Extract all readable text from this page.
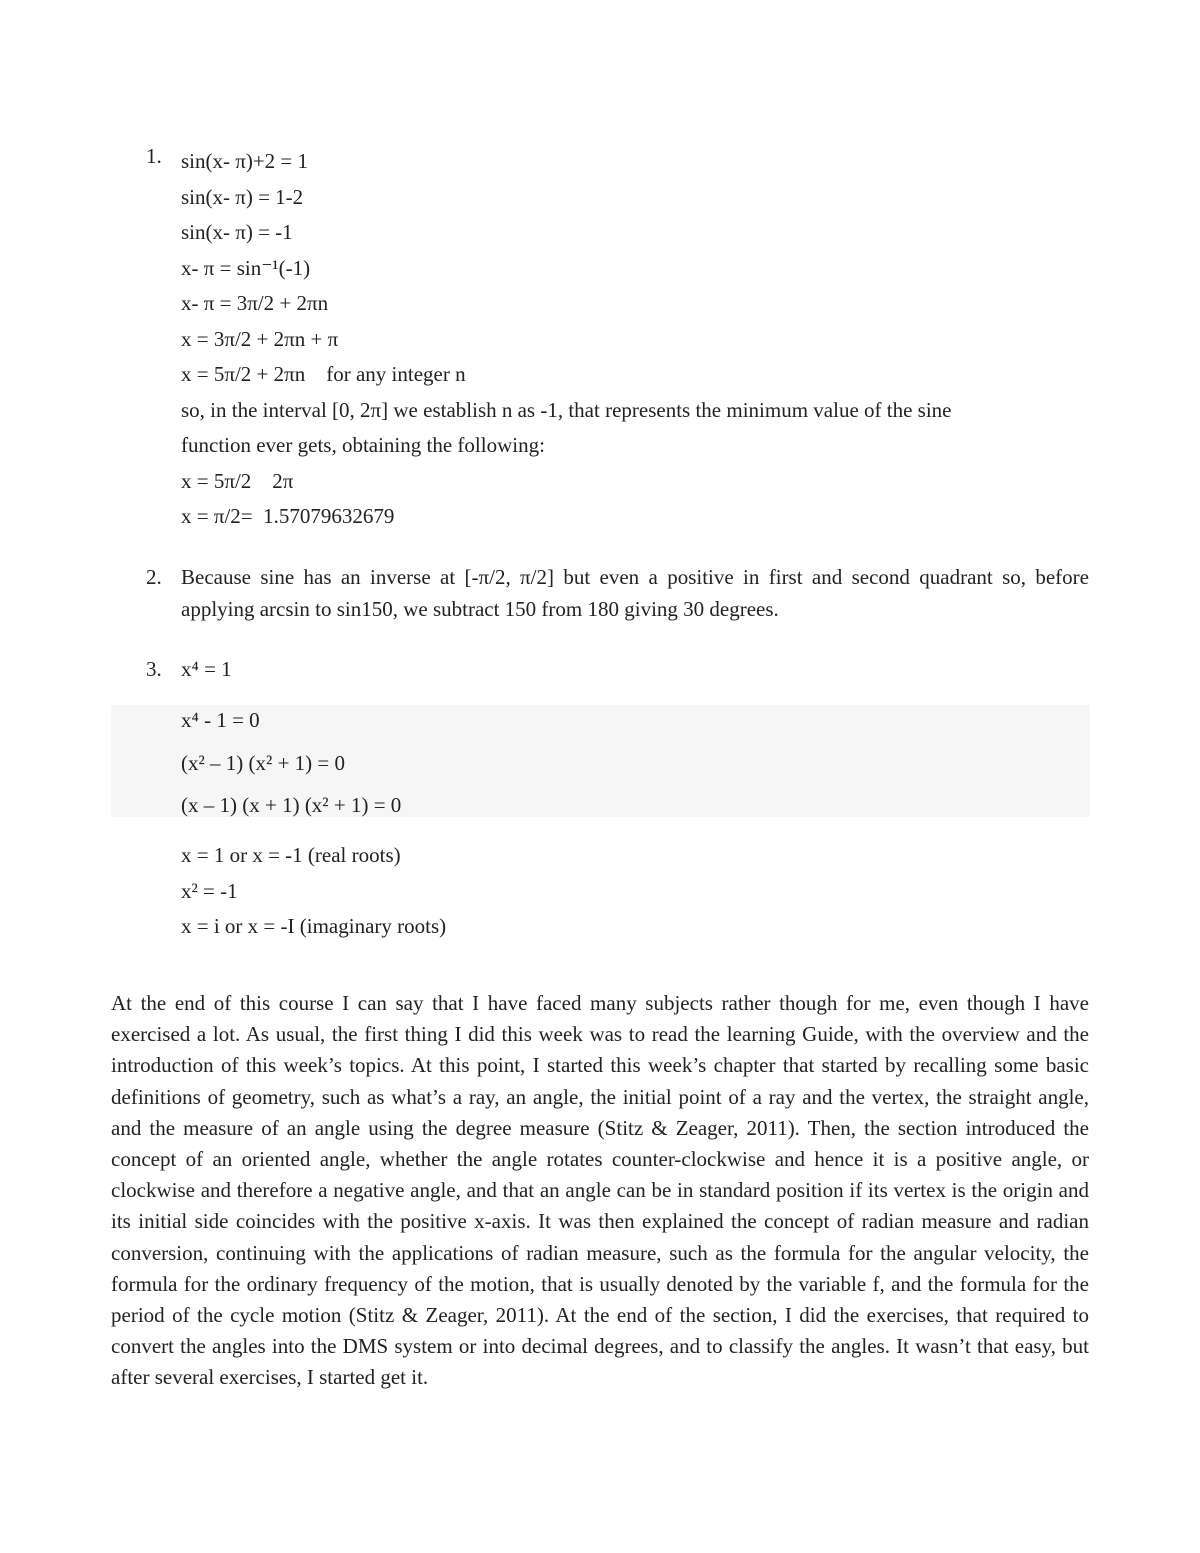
1. sin(x- π)+2 = 1
sin(x- π) = 1-2
sin(x- π) = -1
x- π = sin⁻¹(-1)
x- π = 3π/2 + 2πn
x = 3π/2 + 2πn + π
x = 5π/2 + 2πn    for any integer n
so, in the interval [0, 2π] we establish n as -1, that represents the minimum value of the sine
function ever gets, obtaining the following:
x = 5π/2    2π
x = π/2=  1.57079632679
2. Because sine has an inverse at [-π/2, π/2] but even a positive in first and second quadrant so, before applying arcsin to sin150, we subtract 150 from 180 giving 30 degrees.
3. x⁴ = 1
x⁴ - 1 = 0
(x² – 1) (x² + 1) = 0
(x – 1) (x + 1) (x² + 1) = 0
x = 1 or x = -1 (real roots)
x² = -1
x = i or x = -I (imaginary roots)

At the end of this course I can say that I have faced many subjects rather though for me, even though I have exercised a lot. As usual, the first thing I did this week was to read the learning Guide, with the overview and the introduction of this week’s topics. At this point, I started this week’s chapter that started by recalling some basic definitions of geometry, such as what’s a ray, an angle, the initial point of a ray and the vertex, the straight angle, and the measure of an angle using the degree measure (Stitz & Zeager, 2011). Then, the section introduced the concept of an oriented angle, whether the angle rotates counter-clockwise and hence it is a positive angle, or clockwise and therefore a negative angle, and that an angle can be in standard position if its vertex is the origin and its initial side coincides with the positive x-axis. It was then explained the concept of radian measure and radian conversion, continuing with the applications of radian measure, such as the formula for the angular velocity, the formula for the ordinary frequency of the motion, that is usually denoted by the variable f, and the formula for the period of the cycle motion (Stitz & Zeager, 2011). At the end of the section, I did the exercises, that required to convert the angles into the DMS system or into decimal degrees, and to classify the angles. It wasn’t that easy, but after several exercises, I started get it.
